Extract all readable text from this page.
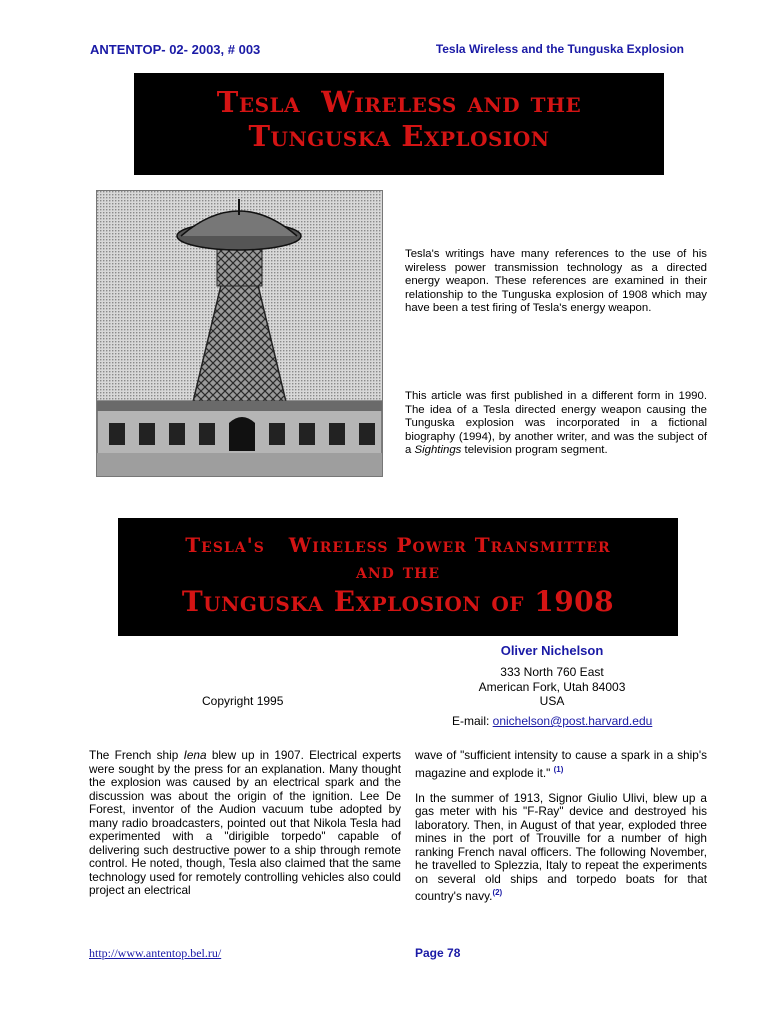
ANTENTOP- 02- 2003, # 003	Tesla Wireless and the Tunguska Explosion
Tesla  Wireless and the
Tunguska Explosion
Tesla's writings have many references to the use of his wireless power transmission technology as a directed energy weapon. These references are examined in their relationship to the Tunguska explosion of 1908 which may have been a test firing of Tesla's energy weapon.
This article was first published in a different form in 1990. The idea of a Tesla directed energy weapon causing the Tunguska explosion was incorporated in a fictional biography (1994), by another writer, and was the subject of a Sightings television program segment.
Tesla's   Wireless Power Transmitter
and the
Tunguska Explosion of 1908
Oliver Nichelson
333 North 760 East
American Fork, Utah 84003
USA
Copyright 1995
E-mail: onichelson@post.harvard.edu
The French ship Iena blew up in 1907. Electrical experts were sought by the press for an explanation. Many thought the explosion was caused by an electrical spark and the discussion was about the origin of the ignition. Lee De Forest, inventor of the Audion vacuum tube adopted by many radio broadcasters, pointed out that Nikola Tesla had experimented with a "dirigible torpedo" capable of delivering such destructive power to a ship through remote control. He noted, though, Tesla also claimed that the same technology used for remotely controlling vehicles also could project an electrical

wave of "sufficient intensity to cause a spark in a ship's magazine and explode it." $^{(1)}$

In the summer of 1913, Signor Giulio Ulivi, blew up a gas meter with his "F-Ray" device and destroyed his laboratory. Then, in August of that year, exploded three mines in the port of Trouville for a number of high ranking French naval officers. The following November, he travelled to Splezzia, Italy to repeat the experiments on several old ships and torpedo boats for that country's navy.$^{(2)}$

http://www.antentop.bel.ru/	Page 78
